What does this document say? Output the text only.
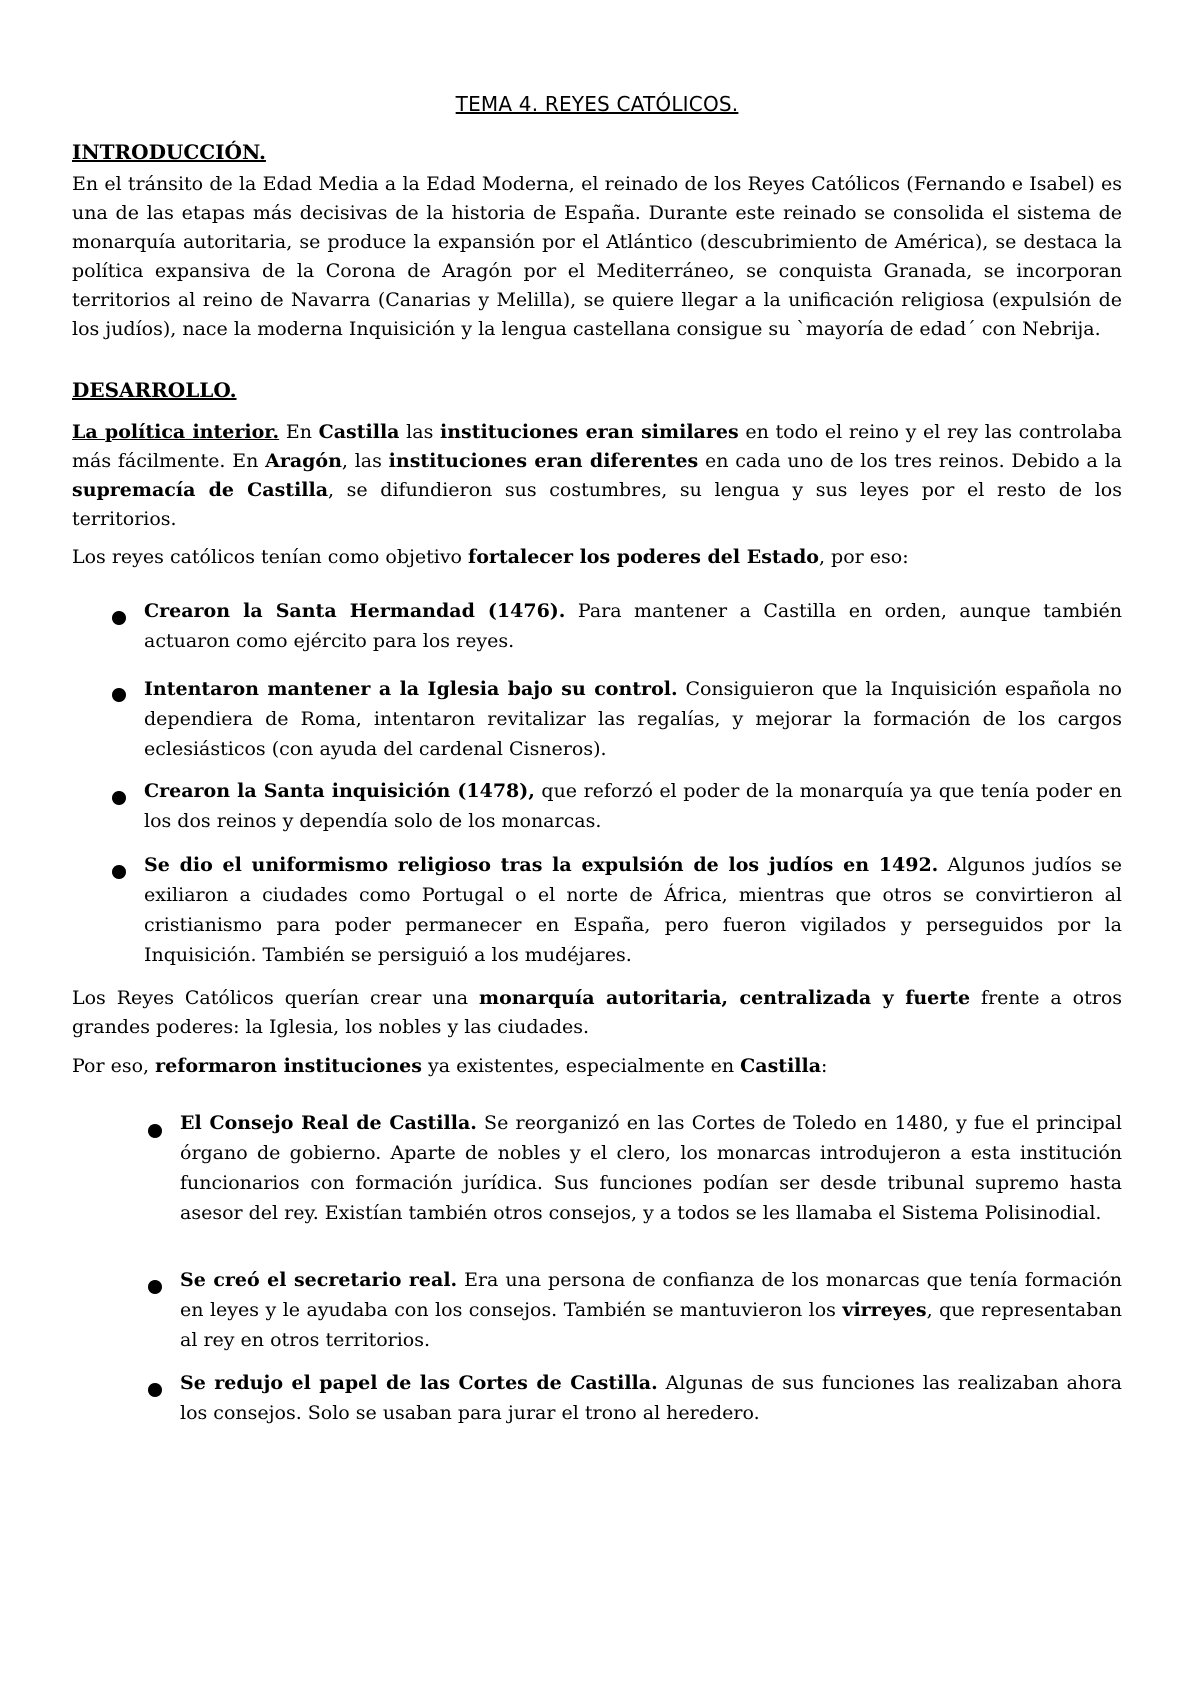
TEMA 4. REYES CATÓLICOS.
INTRODUCCIÓN.
En el tránsito de la Edad Media a la Edad Moderna, el reinado de los Reyes Católicos (Fernando e Isabel) es una de las etapas más decisivas de la historia de España. Durante este reinado se consolida el sistema de monarquía autoritaria, se produce la expansión por el Atlántico (descubrimiento de América), se destaca la política expansiva de la Corona de Aragón por el Mediterráneo, se conquista Granada, se incorporan territorios al reino de Navarra (Canarias y Melilla), se quiere llegar a la unificación religiosa (expulsión de los judíos), nace la moderna Inquisición y la lengua castellana consigue su `mayoría de edad´ con Nebrija.
DESARROLLO.
La política interior. En Castilla las instituciones eran similares en todo el reino y el rey las controlaba más fácilmente. En Aragón, las instituciones eran diferentes en cada uno de los tres reinos. Debido a la supremacía de Castilla, se difundieron sus costumbres, su lengua y sus leyes por el resto de los territorios.
Los reyes católicos tenían como objetivo fortalecer los poderes del Estado, por eso:
Crearon la Santa Hermandad (1476). Para mantener a Castilla en orden, aunque también actuaron como ejército para los reyes.
Intentaron mantener a la Iglesia bajo su control. Consiguieron que la Inquisición española no dependiera de Roma, intentaron revitalizar las regalías, y mejorar la formación de los cargos eclesiásticos (con ayuda del cardenal Cisneros).
Crearon la Santa inquisición (1478), que reforzó el poder de la monarquía ya que tenía poder en los dos reinos y dependía solo de los monarcas.
Se dio el uniformismo religioso tras la expulsión de los judíos en 1492. Algunos judíos se exiliaron a ciudades como Portugal o el norte de África, mientras que otros se convirtieron al cristianismo para poder permanecer en España, pero fueron vigilados y perseguidos por la Inquisición. También se persiguió a los mudéjares.
Los Reyes Católicos querían crear una monarquía autoritaria, centralizada y fuerte frente a otros grandes poderes: la Iglesia, los nobles y las ciudades.
Por eso, reformaron instituciones ya existentes, especialmente en Castilla:
El Consejo Real de Castilla. Se reorganizó en las Cortes de Toledo en 1480, y fue el principal órgano de gobierno. Aparte de nobles y el clero, los monarcas introdujeron a esta institución funcionarios con formación jurídica. Sus funciones podían ser desde tribunal supremo hasta asesor del rey. Existían también otros consejos, y a todos se les llamaba el Sistema Polisinodial.
Se creó el secretario real. Era una persona de confianza de los monarcas que tenía formación en leyes y le ayudaba con los consejos. También se mantuvieron los virreyes, que representaban al rey en otros territorios.
Se redujo el papel de las Cortes de Castilla. Algunas de sus funciones las realizaban ahora los consejos. Solo se usaban para jurar el trono al heredero.
